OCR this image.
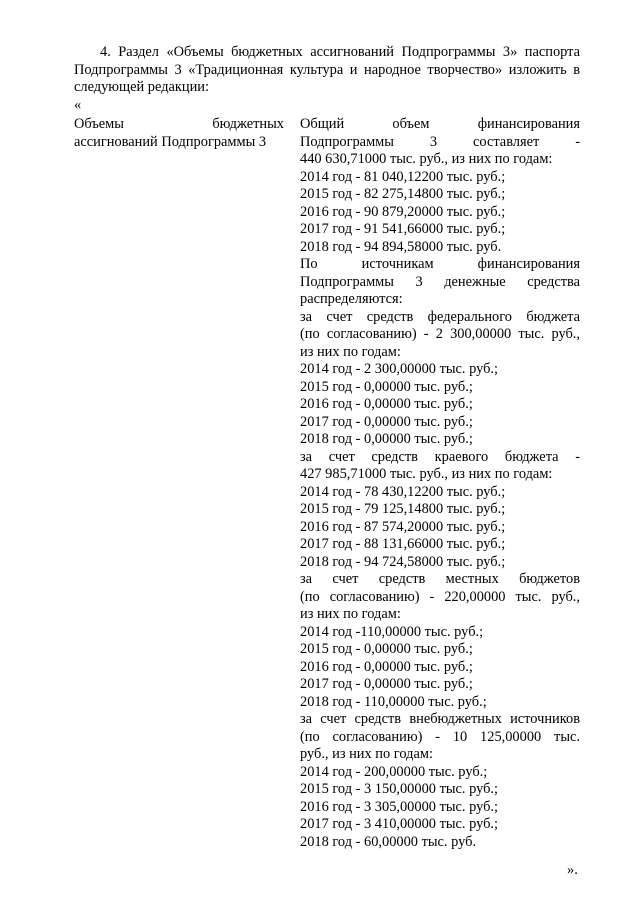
4. Раздел «Объемы бюджетных ассигнований Подпрограммы 3» паспорта Подпрограммы 3 «Традиционная культура и народное творчество» изложить в следующей редакции:
«
Объемы бюджетных
ассигнований Подпрограммы 3
Общий объем финансирования
Подпрограммы 3 составляет -
440 630,71000 тыс. руб., из них по годам:
2014 год - 81 040,12200 тыс. руб.;
2015 год - 82 275,14800 тыс. руб.;
2016 год - 90 879,20000 тыс. руб.;
2017 год - 91 541,66000 тыс. руб.;
2018 год - 94 894,58000 тыс. руб.
По источникам финансирования
Подпрограммы 3 денежные средства
распределяются:
за счет средств федерального бюджета
(по согласованию) - 2 300,00000 тыс. руб.,
из них по годам:
2014 год - 2 300,00000 тыс. руб.;
2015 год - 0,00000 тыс. руб.;
2016 год - 0,00000 тыс. руб.;
2017 год - 0,00000 тыс. руб.;
2018 год - 0,00000 тыс. руб.;
за счет средств краевого бюджета -
427 985,71000 тыс. руб., из них по годам:
2014 год - 78 430,12200 тыс. руб.;
2015 год - 79 125,14800 тыс. руб.;
2016 год - 87 574,20000 тыс. руб.;
2017 год - 88 131,66000 тыс. руб.;
2018 год - 94 724,58000 тыс. руб.;
за счет средств местных бюджетов
(по согласованию) - 220,00000 тыс. руб.,
из них по годам:
2014 год -110,00000 тыс. руб.;
2015 год - 0,00000 тыс. руб.;
2016 год - 0,00000 тыс. руб.;
2017 год - 0,00000 тыс. руб.;
2018 год - 110,00000 тыс. руб.;
за счет средств внебюджетных источников
(по согласованию) - 10 125,00000 тыс.
руб., из них по годам:
2014 год - 200,00000 тыс. руб.;
2015 год - 3 150,00000 тыс. руб.;
2016 год - 3 305,00000 тыс. руб.;
2017 год - 3 410,00000 тыс. руб.;
2018 год - 60,00000 тыс. руб.
».
